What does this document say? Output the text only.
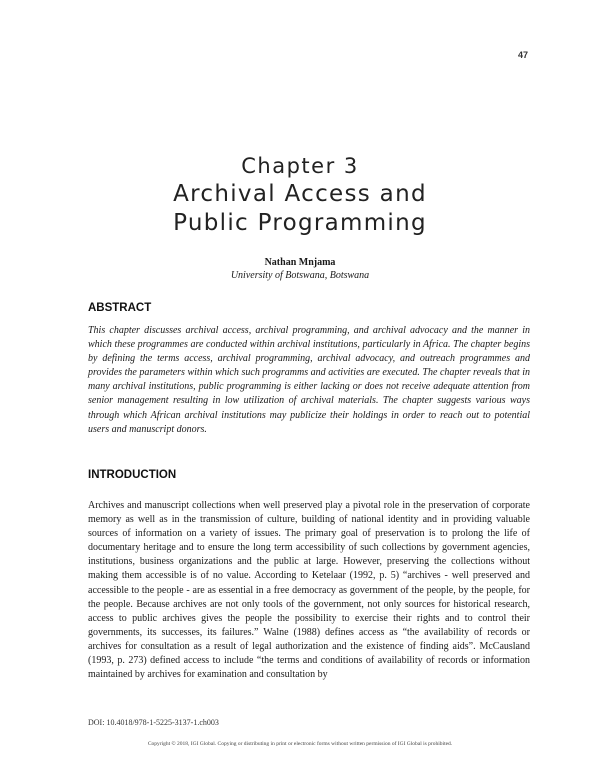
47
Chapter 3
Archival Access and
Public Programming
Nathan Mnjama
University of Botswana, Botswana
ABSTRACT

This chapter discusses archival access, archival programming, and archival advocacy and the manner in which these programmes are conducted within archival institutions, particularly in Africa. The chapter begins by defining the terms access, archival programming, archival advocacy, and outreach programmes and provides the parameters within which such programms and activities are executed. The chapter reveals that in many archival institutions, public programming is either lacking or does not receive adequate attention from senior management resulting in low utilization of archival materials. The chapter suggests various ways through which African archival institutions may publicize their holdings in order to reach out to potential users and manuscript donors.

INTRODUCTION

Archives and manuscript collections when well preserved play a pivotal role in the preservation of corporate memory as well as in the transmission of culture, building of national identity and in providing valuable sources of information on a variety of issues. The primary goal of preservation is to prolong the life of documentary heritage and to ensure the long term accessibility of such collections by government agencies, institutions, business organizations and the public at large. However, preserving the collections without making them accessible is of no value. According to Ketelaar (1992, p. 5) “archives - well preserved and accessible to the people - are as essential in a free democracy as government of the people, by the people, for the people. Because archives are not only tools of the government, not only sources for historical research, access to public archives gives the people the possibility to exercise their rights and to control their governments, its successes, its failures.” Walne (1988) defines access as “the availability of records or archives for consultation as a result of legal authorization and the existence of finding aids”. McCausland (1993, p. 273) defined access to include “the terms and conditions of availability of records or information maintained by archives for examination and consultation by

DOI: 10.4018/978-1-5225-3137-1.ch003
Copyright © 2018, IGI Global. Copying or distributing in print or electronic forms without written permission of IGI Global is prohibited.
